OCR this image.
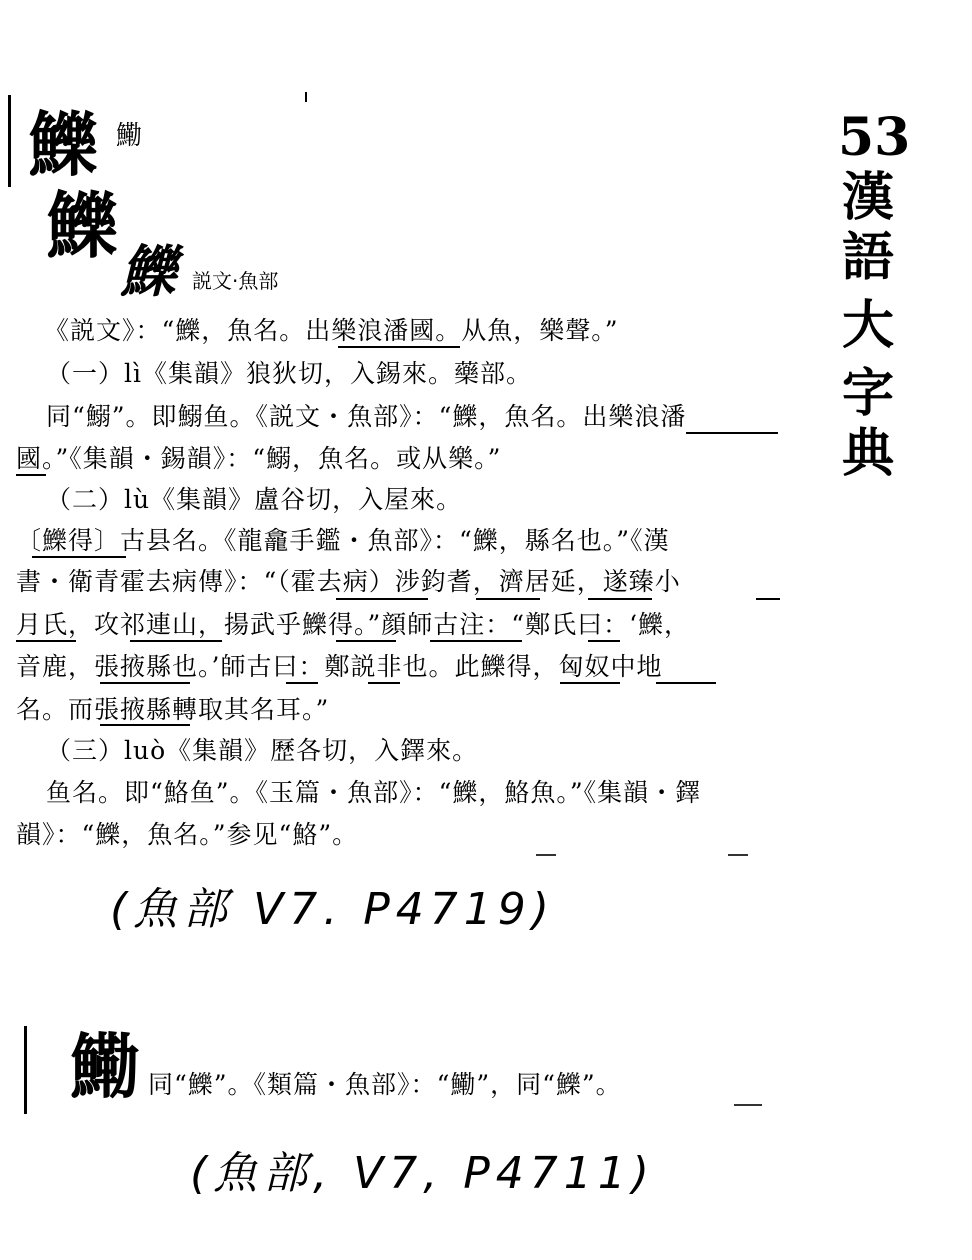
53
漢
語
大
字
典
鱳 鰳
鱳
鱳 説文·魚部
《説文》：“鱳，魚名。出樂浪潘國。从魚，樂聲。”
（一）lì《集韻》狼狄切，入錫來。藥部。
同“鰯”。即鰯鱼。《説文・魚部》：“鱳，魚名。出樂浪潘
國。”《集韻・錫韻》：“鰯，魚名。或从樂。”
（二）lù《集韻》盧谷切，入屋來。
〔鱳得〕古县名。《龍龕手鑑・魚部》：“鱳，縣名也。”《漢
書・衛青霍去病傳》：“（霍去病）涉鈞耆，濟居延，遂臻小
月氏，攻祁連山，揚武乎鱳得。”顔師古注：“鄭氏曰：‘鱳，
音鹿，張掖縣也。’師古曰：鄭説非也。此鱳得，匈奴中地
名。而張掖縣轉取其名耳。”
（三）luò《集韻》歷各切，入鐸來。
鱼名。即“鮥鱼”。《玉篇・魚部》：“鱳，鮥魚。”《集韻・鐸
韻》：“鱳，魚名。”参见“鮥”。
(魚部 V7. P4719)
鰳 同“鱳”。《類篇・魚部》：“鰳”，同“鱳”。
(魚部, V7, P4711)
